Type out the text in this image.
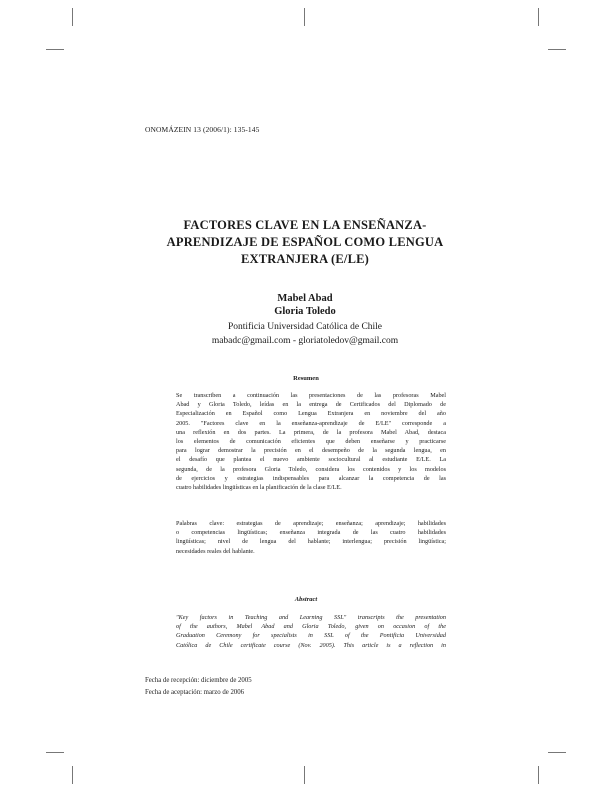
ONOMÁZEIN 13 (2006/1): 135-145
FACTORES CLAVE EN LA ENSEÑANZA-
APRENDIZAJE DE ESPAÑOL COMO LENGUA
EXTRANJERA (E/LE)
Mabel Abad
Gloria Toledo
Pontificia Universidad Católica de Chile
mabadc@gmail.com - gloriatoledov@gmail.com
Resumen
Se transcriben a continuación las presentaciones de las profesoras Mabel
Abad y Gloria Toledo, leídas en la entrega de Certificados del Diplomado de
Especialización en Español como Lengua Extranjera en noviembre del año
2005. "Factores clave en la enseñanza-aprendizaje de E/LE" corresponde a
una reflexión en dos partes. La primera, de la profesora Mabel Abad, destaca
los elementos de comunicación eficientes que deben enseñarse y practicarse
para lograr demostrar la precisión en el desempeño de la segunda lengua, en
el desafío que plantea el nuevo ambiente sociocultural al estudiante E/LE. La
segunda, de la profesora Gloria Toledo, considera los contenidos y los modelos
de ejercicios y estrategias indispensables para alcanzar la competencia de las
cuatro habilidades lingüísticas en la planificación de la clase E/LE.
Palabras clave: estrategias de aprendizaje; enseñanza; aprendizaje; habilidades
o competencias lingüísticas; enseñanza integrada de las cuatro habilidades
lingüísticas; nivel de lengua del hablante; interlengua; precisión lingüística;
necesidades reales del hablante.
Abstract
"Key factors in Teaching and Learning SSL" transcripts the presentation
of the authors, Mabel Abad and Gloria Toledo, given on occasion of the
Graduation Ceremony for specialists in SSL of the Pontificia Universidad
Católica de Chile certificate course (Nov. 2005). This article is a reflection in
Fecha de recepción: diciembre de 2005
Fecha de aceptación: marzo de 2006
